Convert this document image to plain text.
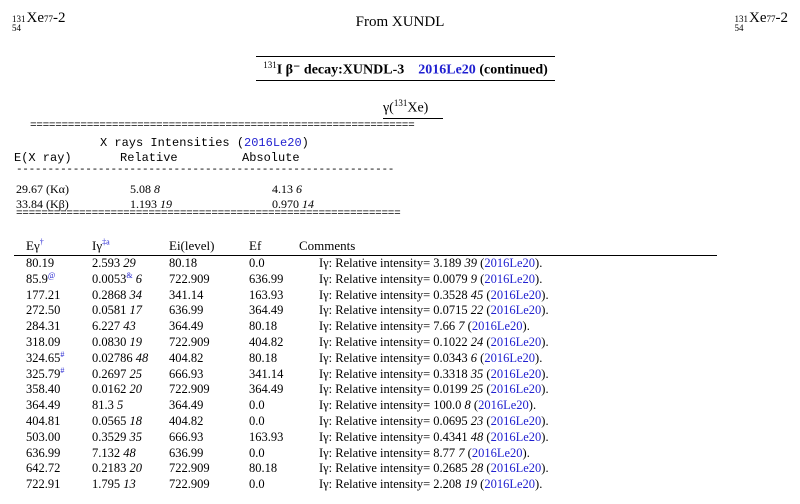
131
54
Xe 77 -2	From XUNDL	131
54
Xe 77 -2
$^{131}$I β⁻ decay:XUNDL-3 2016Le20 (continued)
γ($^{131}$Xe)
=============================================================
X rays Intensities (2016Le20)
E(X ray)	Relative	Absolute
------------------------------------------------------------
29.67 (Kα)	5.08 8	4.13 6
33.84 (Kβ)	1.193 19	0.970 14
=============================================================
Eγ†	$I\gamma^{\ddagger a}$	Ei(level)	Ef	Comments
80.19	2.593 29	80.18	0.0	Iγ: Relative intensity= 3.189 39 (2016Le20).
85.9@	0.0053& 6	722.909	636.99	Iγ: Relative intensity= 0.0079 9 (2016Le20).
177.21	0.2868 34	341.14	163.93	Iγ: Relative intensity= 0.3528 45 (2016Le20).
272.50	0.0581 17	636.99	364.49	Iγ: Relative intensity= 0.0715 22 (2016Le20).
284.31	6.227 43	364.49	80.18	Iγ: Relative intensity= 7.66 7 (2016Le20).
318.09	0.0830 19	722.909	404.82	Iγ: Relative intensity= 0.1022 24 (2016Le20).
324.65#	0.02786 48	404.82	80.18	Iγ: Relative intensity= 0.0343 6 (2016Le20).
325.79#	0.2697 25	666.93	341.14	Iγ: Relative intensity= 0.3318 35 (2016Le20).
358.40	0.0162 20	722.909	364.49	Iγ: Relative intensity= 0.0199 25 (2016Le20).
364.49	81.3 5	364.49	0.0	Iγ: Relative intensity= 100.0 8 (2016Le20).
404.81	0.0565 18	404.82	0.0	Iγ: Relative intensity= 0.0695 23 (2016Le20).
503.00	0.3529 35	666.93	163.93	Iγ: Relative intensity= 0.4341 48 (2016Le20).
636.99	7.132 48	636.99	0.0	Iγ: Relative intensity= 8.77 7 (2016Le20).
642.72	0.2183 20	722.909	80.18	Iγ: Relative intensity= 0.2685 28 (2016Le20).
722.91	1.795 13	722.909	0.0	Iγ: Relative intensity= 2.208 19 (2016Le20).
